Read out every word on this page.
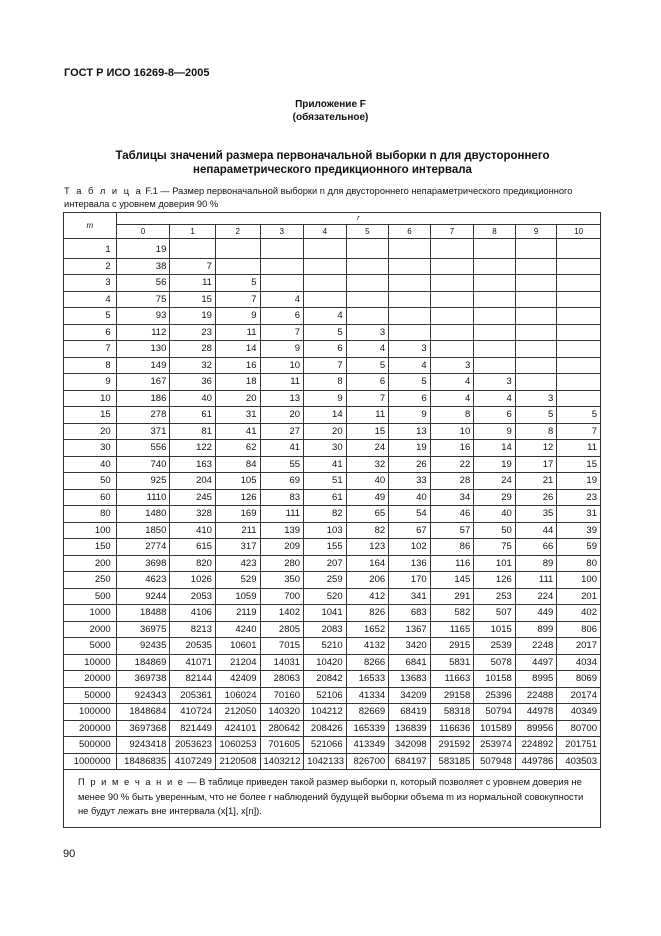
ГОСТ Р ИСО 16269-8—2005
Приложение F
(обязательное)
Таблицы значений размера первоначальной выборки n для двустороннего
непараметрического предикционного интервала
Т а б л и ц а F.1 — Размер первоначальной выборки n для двустороннего непараметрического предикционного интервала с уровнем доверия 90 %
m	r										
	0	1	2	3	4	5	6	7	8	9	10
1	19										
2	38	7									
3	56	11	5								
4	75	15	7	4							
5	93	19	9	6	4						
6	112	23	11	7	5	3					
7	130	28	14	9	6	4	3				
8	149	32	16	10	7	5	4	3			
9	167	36	18	11	8	6	5	4	3		
10	186	40	20	13	9	7	6	4	4	3	
15	278	61	31	20	14	11	9	8	6	5	5
20	371	81	41	27	20	15	13	10	9	8	7
30	556	122	62	41	30	24	19	16	14	12	11
40	740	163	84	55	41	32	26	22	19	17	15
50	925	204	105	69	51	40	33	28	24	21	19
60	1110	245	126	83	61	49	40	34	29	26	23
80	1480	328	169	111	82	65	54	46	40	35	31
100	1850	410	211	139	103	82	67	57	50	44	39
150	2774	615	317	209	155	123	102	86	75	66	59
200	3698	820	423	280	207	164	136	116	101	89	80
250	4623	1026	529	350	259	206	170	145	126	111	100
500	9244	2053	1059	700	520	412	341	291	253	224	201
1000	18488	4106	2119	1402	1041	826	683	582	507	449	402
2000	36975	8213	4240	2805	2083	1652	1367	1165	1015	899	806
5000	92435	20535	10601	7015	5210	4132	3420	2915	2539	2248	2017
10000	184869	41071	21204	14031	10420	8266	6841	5831	5078	4497	4034
20000	369738	82144	42409	28063	20842	16533	13683	11663	10158	8995	8069
50000	924343	205361	106024	70160	52106	41334	34209	29158	25396	22488	20174
100000	1848684	410724	212050	140320	104212	82669	68419	58318	50794	44978	40349
200000	3697368	821449	424101	280642	208426	165339	136839	116636	101589	89956	80700
500000	9243418	2053623	1060253	701605	521066	413349	342098	291592	253974	224892	201751
1000000	18486835	4107249	2120508	1403212	1042133	826700	684197	583185	507948	449786	403503
П р и м е ч а н и е — В таблице приведен такой размер выборки n, который позволяет с уровнем доверия не менее 90 % быть уверенным, что не более r наблюдений будущей выборки объема m из нормальной совокупности не будут лежать вне интервала (x[1], x[n]).
90
